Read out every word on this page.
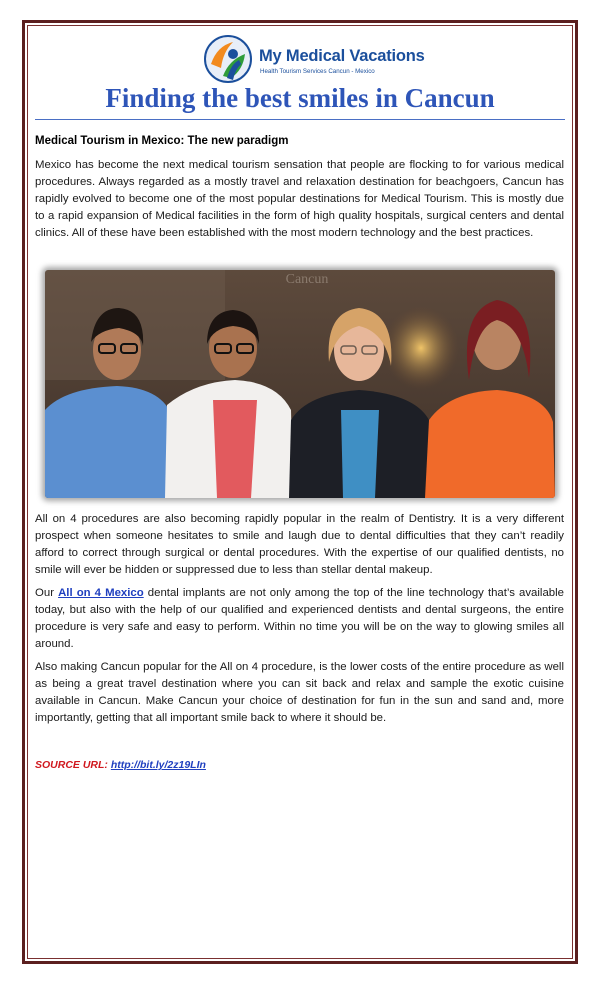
My Medical Vacations
Health Tourism Services Cancun - Mexico
Finding the best smiles in Cancun
Medical Tourism in Mexico: The new paradigm

Mexico has become the next medical tourism sensation that people are flocking to for various medical procedures. Always regarded as a mostly travel and relaxation destination for beachgoers, Cancun has rapidly evolved to become one of the most popular destinations for Medical Tourism. This is mostly due to a rapid expansion of Medical facilities in the form of high quality hospitals, surgical centers and dental clinics. All of these have been established with the most modern technology and the best practices.

Cancun

All on 4 procedures are also becoming rapidly popular in the realm of Dentistry. It is a very different prospect when someone hesitates to smile and laugh due to dental difficulties that they can’t readily afford to correct through surgical or dental procedures. With the expertise of our qualified dentists, no smile will ever be hidden or suppressed due to less than stellar dental makeup.

Our All on 4 Mexico dental implants are not only among the top of the line technology that’s available today, but also with the help of our qualified and experienced dentists and dental surgeons, the entire procedure is very safe and easy to perform. Within no time you will be on the way to glowing smiles all around.

Also making Cancun popular for the All on 4 procedure, is the lower costs of the entire procedure as well as being a great travel destination where you can sit back and relax and sample the exotic cuisine available in Cancun. Make Cancun your choice of destination for fun in the sun and sand and, more importantly, getting that all important smile back to where it should be.

SOURCE URL: http://bit.ly/2z19LIn
